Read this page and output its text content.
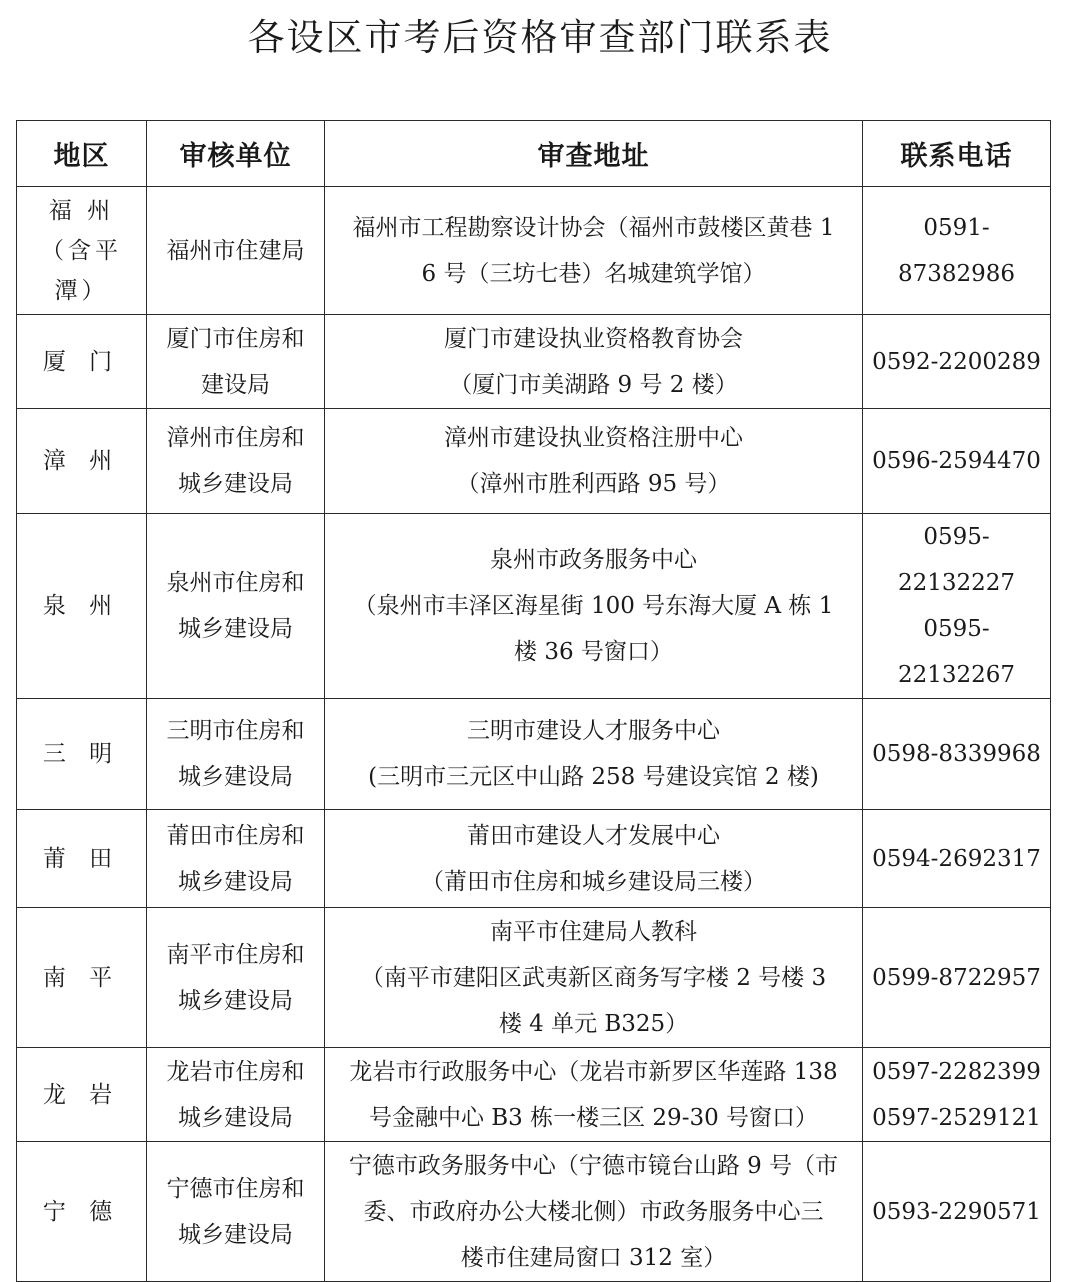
各设区市考后资格审查部门联系表
地区	审核单位	审查地址	联系电话

福 州
（含平
潭）	福州市住建局	福州市工程勘察设计协会（福州市鼓楼区黄巷 1
6 号（三坊七巷）名城建筑学馆）	0591-87382986

厦 门	厦门市住房和
建设局	厦门市建设执业资格教育协会
（厦门市美湖路 9 号 2 楼）	0592-2200289

漳 州	漳州市住房和
城乡建设局	漳州市建设执业资格注册中心
（漳州市胜利西路 95 号）	0596-2594470

泉 州	泉州市住房和
城乡建设局	泉州市政务服务中心
（泉州市丰泽区海星街 100 号东海大厦 A 栋 1
楼 36 号窗口）	0595-22132227
0595-22132267

三 明	三明市住房和
城乡建设局	三明市建设人才服务中心
(三明市三元区中山路 258 号建设宾馆 2 楼)	0598-8339968

莆 田	莆田市住房和
城乡建设局	莆田市建设人才发展中心
（莆田市住房和城乡建设局三楼）	0594-2692317

南 平	南平市住房和
城乡建设局	南平市住建局人教科
（南平市建阳区武夷新区商务写字楼 2 号楼 3
楼 4 单元 B325）	0599-8722957

龙 岩	龙岩市住房和
城乡建设局	龙岩市行政服务中心（龙岩市新罗区华莲路 138
号金融中心 B3 栋一楼三区 29-30 号窗口）	0597-2282399
0597-2529121

宁 德	宁德市住房和
城乡建设局	宁德市政务服务中心（宁德市镜台山路 9 号（市
委、市政府办公大楼北侧）市政务服务中心三
楼市住建局窗口 312 室）	0593-2290571
